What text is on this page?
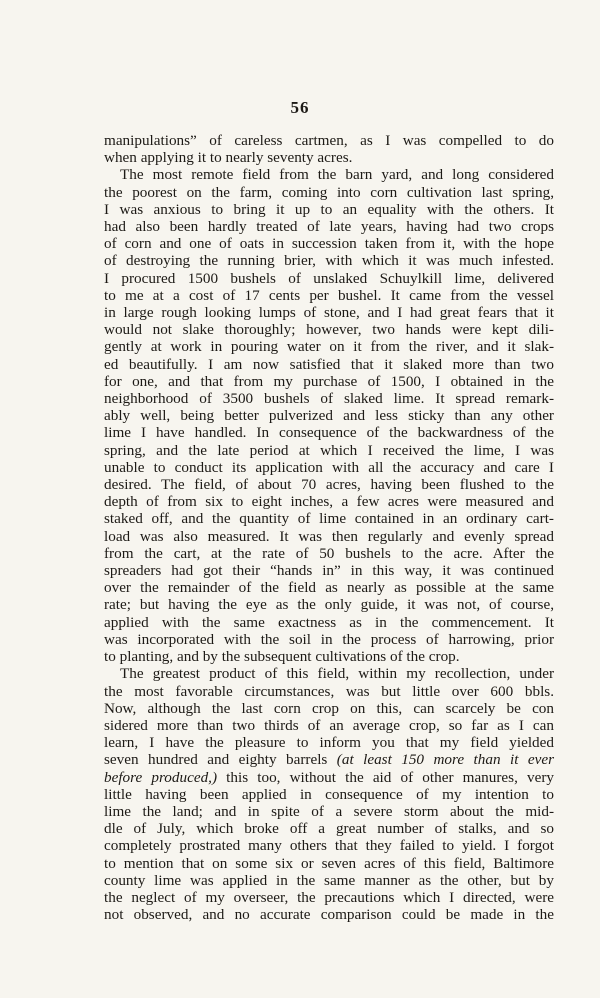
56
manipulations” of careless cartmen, as I was compelled to do
when applying it to nearly seventy acres.
The most remote field from the barn yard, and long considered
the poorest on the farm, coming into corn cultivation last spring,
I was anxious to bring it up to an equality with the others. It
had also been hardly treated of late years, having had two crops
of corn and one of oats in succession taken from it, with the hope
of destroying the running brier, with which it was much infested.
I procured 1500 bushels of unslaked Schuylkill lime, delivered
to me at a cost of 17 cents per bushel. It came from the vessel
in large rough looking lumps of stone, and I had great fears that it
would not slake thoroughly; however, two hands were kept dili-
gently at work in pouring water on it from the river, and it slak-
ed beautifully. I am now satisfied that it slaked more than two
for one, and that from my purchase of 1500, I obtained in the
neighborhood of 3500 bushels of slaked lime. It spread remark-
ably well, being better pulverized and less sticky than any other
lime I have handled. In consequence of the backwardness of the
spring, and the late period at which I received the lime, I was
unable to conduct its application with all the accuracy and care I
desired. The field, of about 70 acres, having been flushed to the
depth of from six to eight inches, a few acres were measured and
staked off, and the quantity of lime contained in an ordinary cart-
load was also measured. It was then regularly and evenly spread
from the cart, at the rate of 50 bushels to the acre. After the
spreaders had got their “hands in” in this way, it was continued
over the remainder of the field as nearly as possible at the same
rate; but having the eye as the only guide, it was not, of course,
applied with the same exactness as in the commencement. It
was incorporated with the soil in the process of harrowing, prior
to planting, and by the subsequent cultivations of the crop.
The greatest product of this field, within my recollection, under
the most favorable circumstances, was but little over 600 bbls.
Now, although the last corn crop on this, can scarcely be con
sidered more than two thirds of an average crop, so far as I can
learn, I have the pleasure to inform you that my field yielded
seven hundred and eighty barrels (at least 150 more than it ever
before produced,) this too, without the aid of other manures, very
little having been applied in consequence of my intention to
lime the land; and in spite of a severe storm about the mid-
dle of July, which broke off a great number of stalks, and so
completely prostrated many others that they failed to yield. I forgot
to mention that on some six or seven acres of this field, Baltimore
county lime was applied in the same manner as the other, but by
the neglect of my overseer, the precautions which I directed, were
not observed, and no accurate comparison could be made in the
